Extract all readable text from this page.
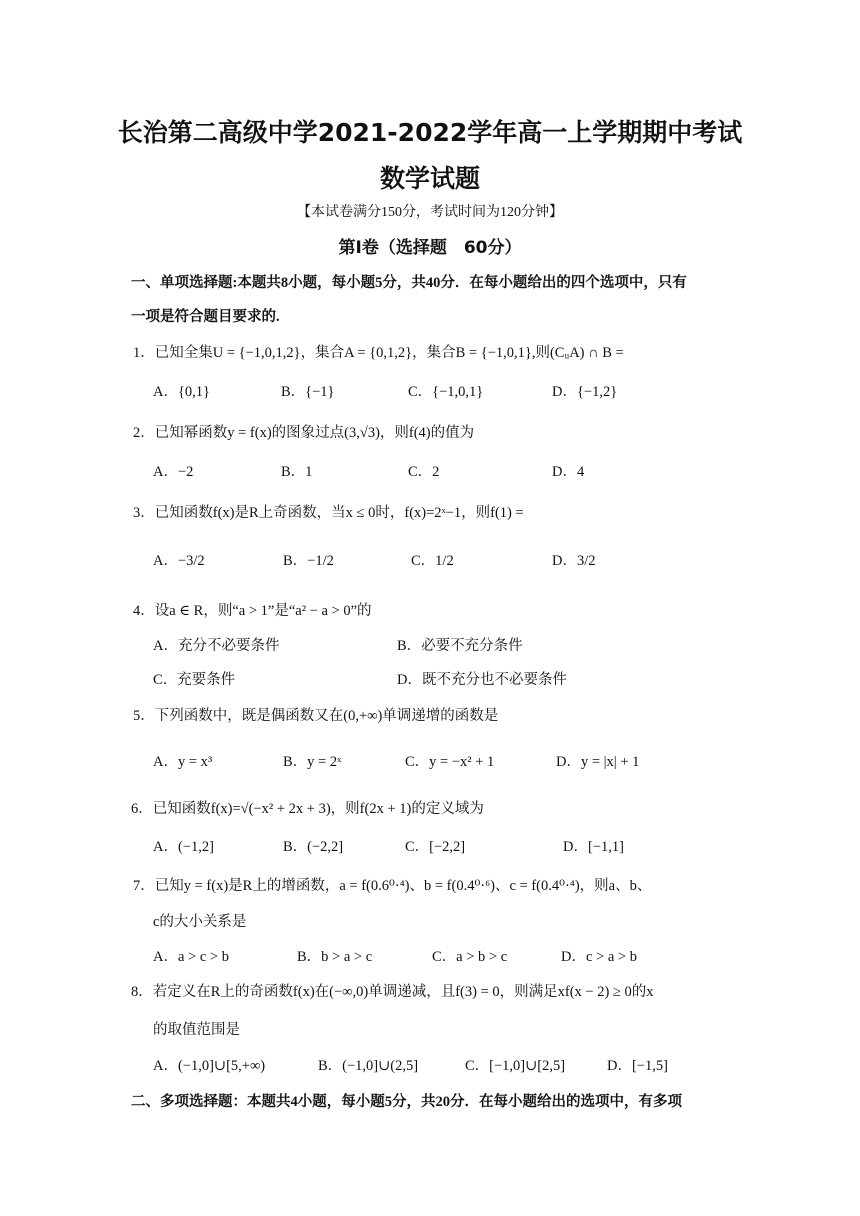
长治第二高级中学2021-2022学年高一上学期期中考试
数学试题
【本试卷满分150分，考试时间为120分钟】
第Ⅰ卷（选择题　60分）
一、单项选择题:本题共8小题，每小题5分，共40分．在每小题给出的四个选项中，只有
一项是符合题目要求的.
1．已知全集U = {−1,0,1,2}，集合A = {0,1,2}，集合B = {−1,0,1},则(CᵤA) ∩ B =
A．{0,1}	B．{−1}	C．{−1,0,1}	D．{−1,2}
2．已知幂函数y = f(x)的图象过点(3,√3)，则f(4)的值为
A．−2	B．1	C．2	D．4
3．已知函数f(x)是R上奇函数，当x ≤ 0时，f(x)=2ˣ−1，则f(1) =
A．−3/2	B．−1/2	C．1/2	D．3/2
4．设a ∈ R，则“a > 1”是“a² − a > 0”的
A．充分不必要条件	B．必要不充分条件
C．充要条件	D．既不充分也不必要条件
5．下列函数中，既是偶函数又在(0,+∞)单调递增的函数是
A．y = x³	B．y = 2ˣ	C．y = −x² + 1	D．y = |x| + 1
6．已知函数f(x)=√(−x² + 2x + 3)，则f(2x + 1)的定义域为
A．(−1,2]	B．(−2,2]	C．[−2,2]	D．[−1,1]
7．已知y = f(x)是R上的增函数，a = f(0.6⁰·⁴)、b = f(0.4⁰·⁶)、c = f(0.4⁰·⁴)，则a、b、
c的大小关系是
A．a > c > b	B．b > a > c	C．a > b > c	D．c > a > b
8．若定义在R上的奇函数f(x)在(−∞,0)单调递减，且f(3) = 0，则满足xf(x − 2) ≥ 0的x
的取值范围是
A．(−1,0]∪[5,+∞)	B．(−1,0]∪(2,5]	C．[−1,0]∪[2,5]	D．[−1,5]
二、多项选择题：本题共4小题，每小题5分，共20分．在每小题给出的选项中，有多项
